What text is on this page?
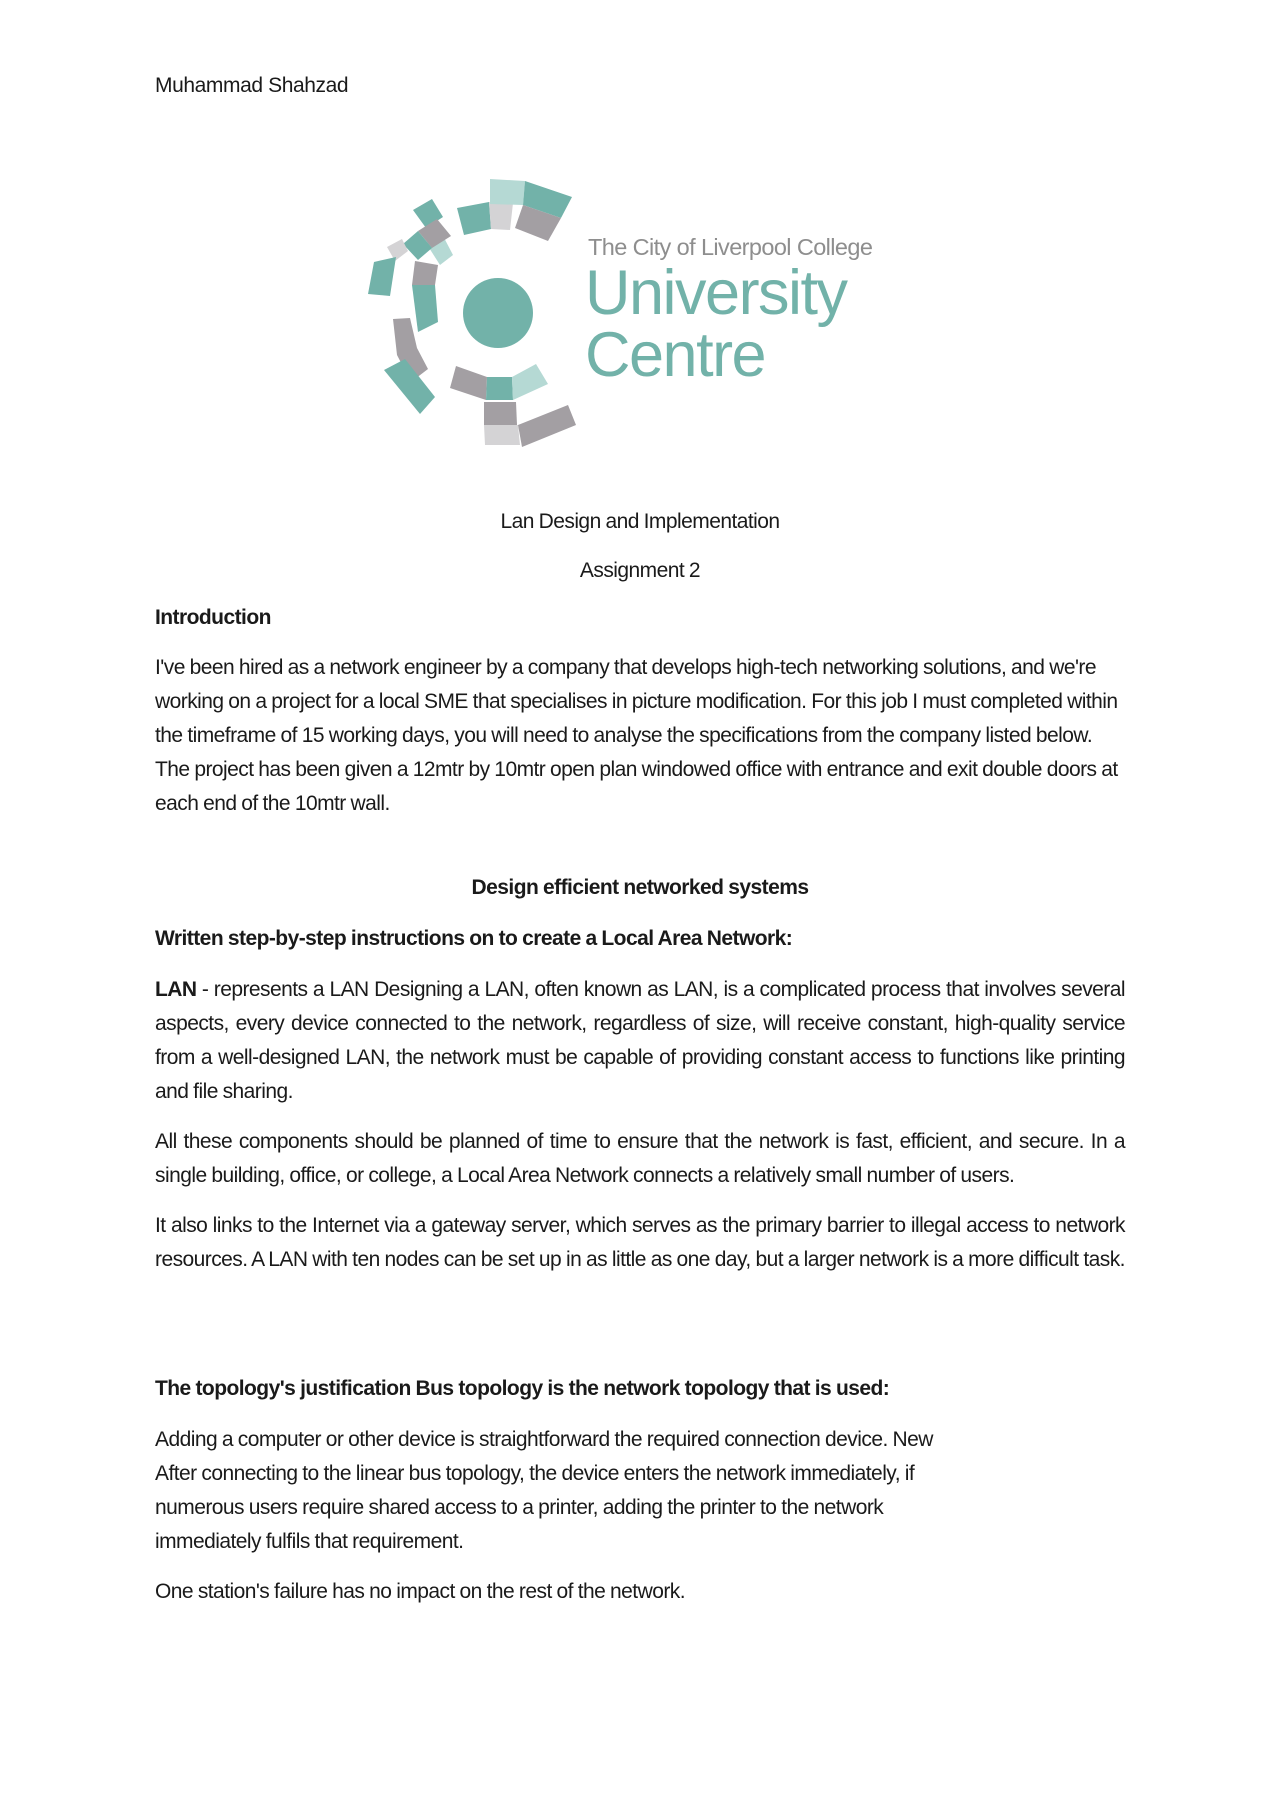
Muhammad Shahzad
The City of Liverpool College
University
Centre

Lan Design and Implementation

Assignment 2

Introduction

I've been hired as a network engineer by a company that develops high-tech networking solutions, and we're working on a project for a local SME that specialises in picture modification. For this job I must completed within the timeframe of 15 working days, you will need to analyse the specifications from the company listed below. The project has been given a 12mtr by 10mtr open plan windowed office with entrance and exit double doors at each end of the 10mtr wall.

Design efficient networked systems

Written step-by-step instructions on to create a Local Area Network:

LAN - represents a LAN Designing a LAN, often known as LAN, is a complicated process that involves several aspects, every device connected to the network, regardless of size, will receive constant, high-quality service from a well-designed LAN, the network must be capable of providing constant access to functions like printing and file sharing.

All these components should be planned of time to ensure that the network is fast, efficient, and secure. In a single building, office, or college, a Local Area Network connects a relatively small number of users.

It also links to the Internet via a gateway server, which serves as the primary barrier to illegal access to network resources. A LAN with ten nodes can be set up in as little as one day, but a larger network is a more difficult task.

The topology's justification Bus topology is the network topology that is used:

Adding a computer or other device is straightforward the required connection device. New

After connecting to the linear bus topology, the device enters the network immediately, if

numerous users require shared access to a printer, adding the printer to the network

immediately fulfils that requirement.

One station's failure has no impact on the rest of the network.
